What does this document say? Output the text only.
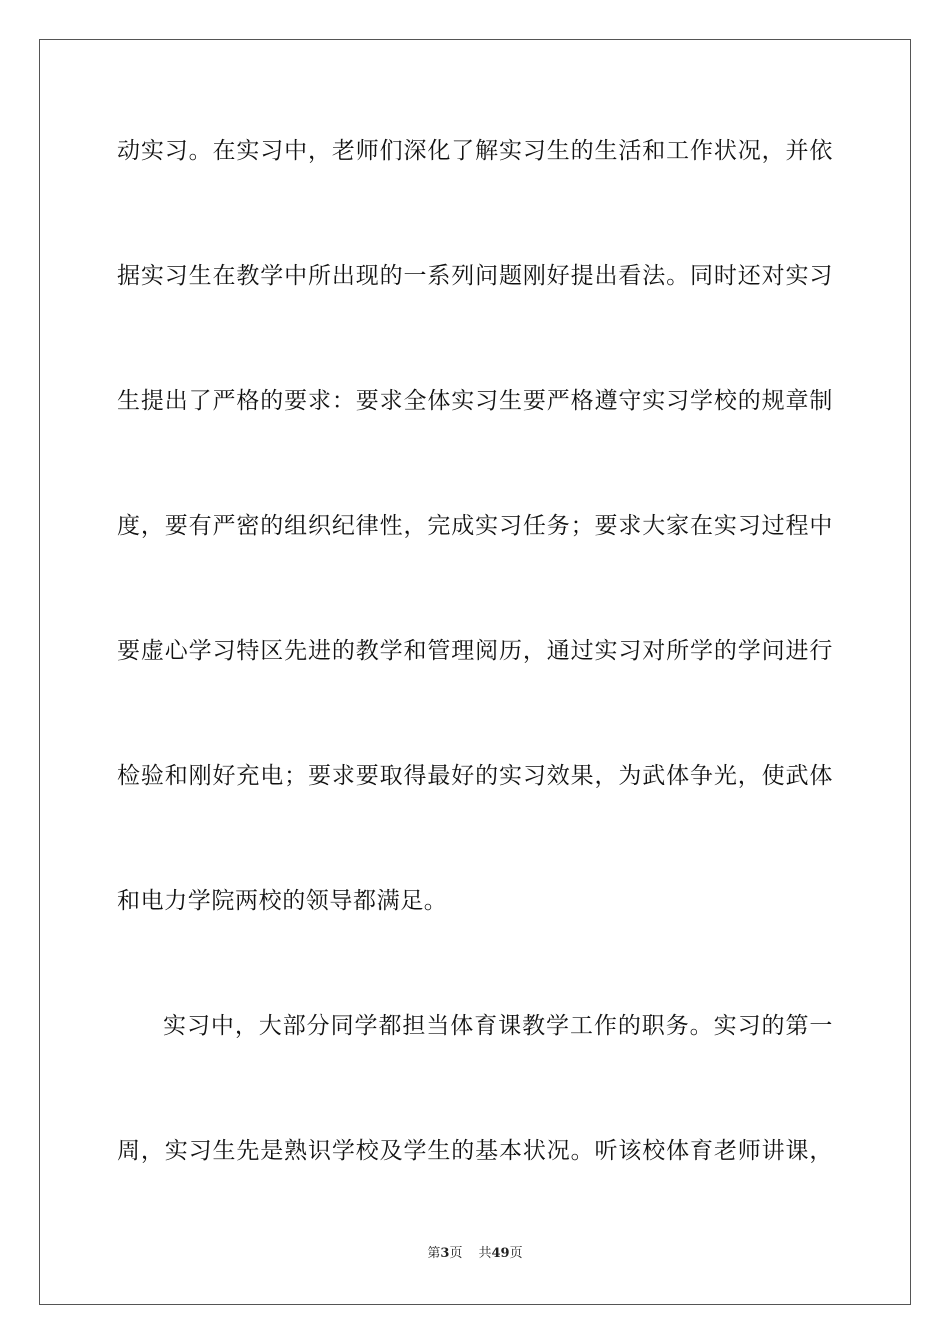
动实习。在实习中，老师们深化了解实习生的生活和工作状况，并依
据实习生在教学中所出现的一系列问题刚好提出看法。同时还对实习
生提出了严格的要求：要求全体实习生要严格遵守实习学校的规章制
度，要有严密的组织纪律性，完成实习任务；要求大家在实习过程中
要虚心学习特区先进的教学和管理阅历，通过实习对所学的学问进行
检验和刚好充电；要求要取得最好的实习效果，为武体争光，使武体
和电力学院两校的领导都满足。
实习中，大部分同学都担当体育课教学工作的职务。实习的第一
周，实习生先是熟识学校及学生的基本状况。听该校体育老师讲课，
第3页 共49页
